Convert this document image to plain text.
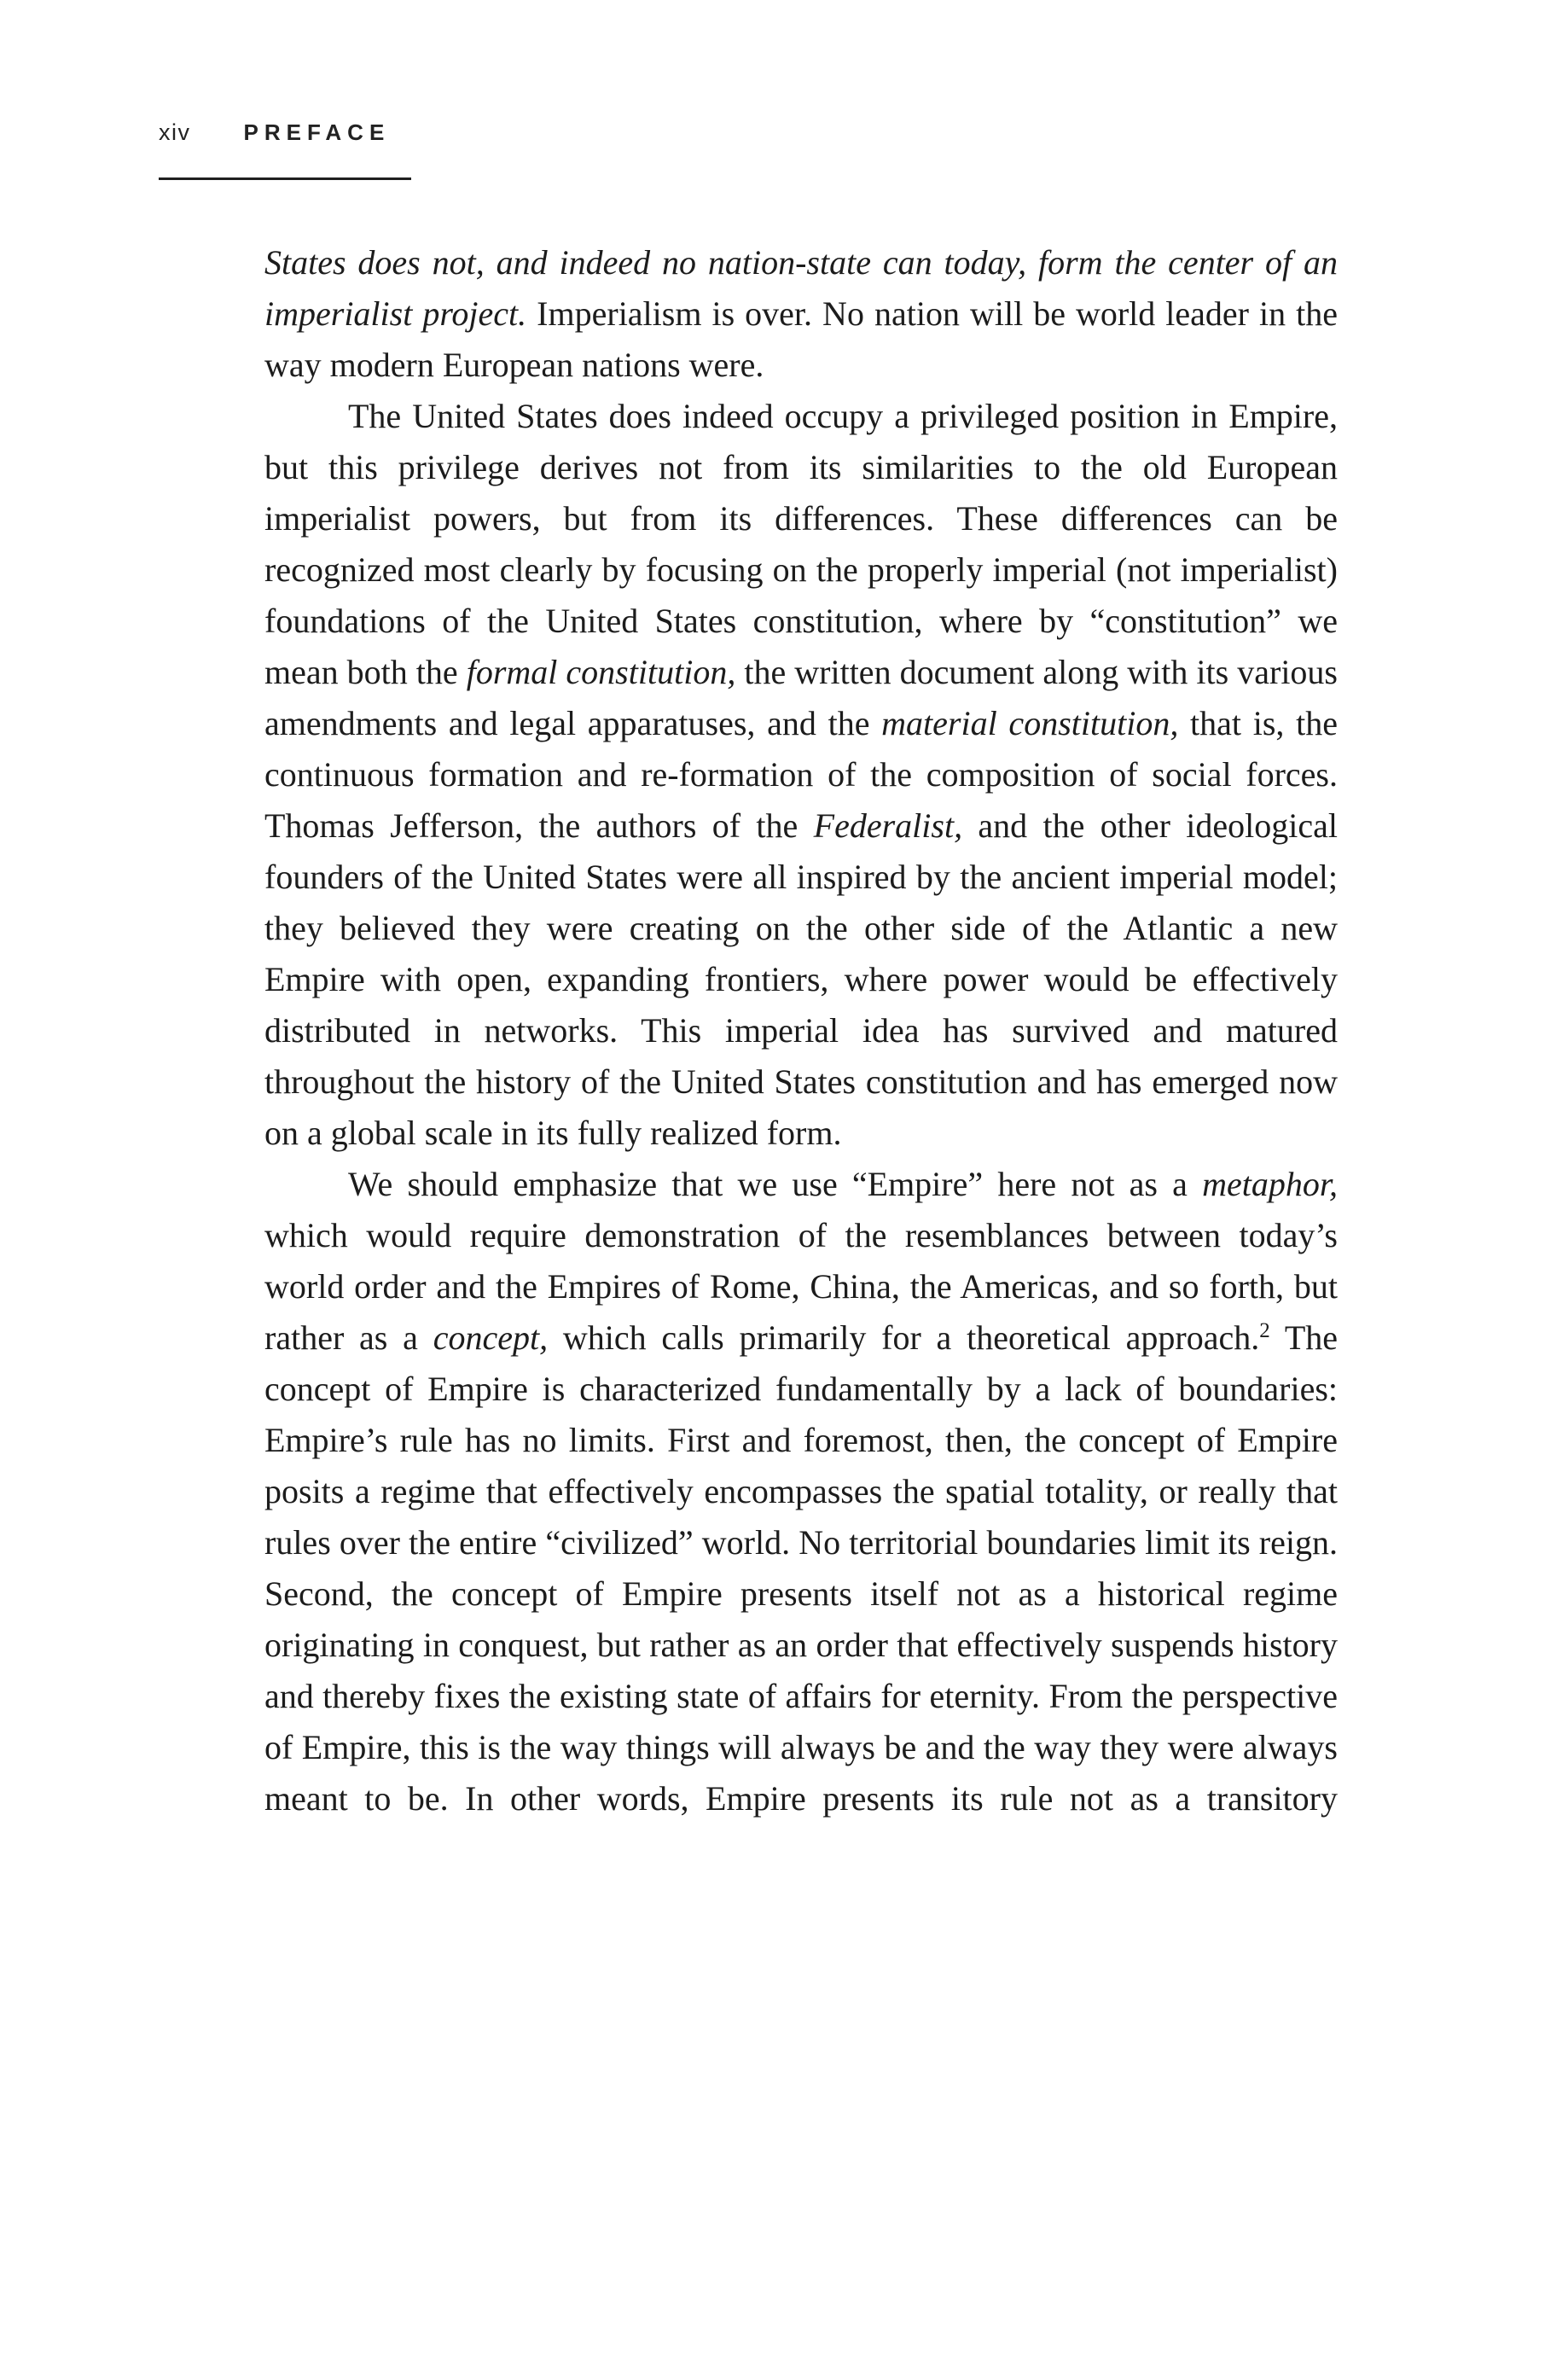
xiv PREFACE

States does not, and indeed no nation-state can today, form the center of an imperialist project. Imperialism is over. No nation will be world leader in the way modern European nations were.

The United States does indeed occupy a privileged position in Empire, but this privilege derives not from its similarities to the old European imperialist powers, but from its differences. These differences can be recognized most clearly by focusing on the properly imperial (not imperialist) foundations of the United States constitution, where by “constitution” we mean both the formal constitution, the written document along with its various amendments and legal apparatuses, and the material constitution, that is, the continuous formation and re-formation of the composition of social forces. Thomas Jefferson, the authors of the Federalist, and the other ideological founders of the United States were all inspired by the ancient imperial model; they believed they were creating on the other side of the Atlantic a new Empire with open, expanding frontiers, where power would be effectively distributed in networks. This imperial idea has survived and matured throughout the history of the United States constitution and has emerged now on a global scale in its fully realized form.

We should emphasize that we use “Empire” here not as a metaphor, which would require demonstration of the resemblances between today’s world order and the Empires of Rome, China, the Americas, and so forth, but rather as a concept, which calls primarily for a theoretical approach.$^2$ The concept of Empire is characterized fundamentally by a lack of boundaries: Empire’s rule has no limits. First and foremost, then, the concept of Empire posits a regime that effectively encompasses the spatial totality, or really that rules over the entire “civilized” world. No territorial boundaries limit its reign. Second, the concept of Empire presents itself not as a historical regime originating in conquest, but rather as an order that effectively suspends history and thereby fixes the existing state of affairs for eternity. From the perspective of Empire, this is the way things will always be and the way they were always meant to be. In other words, Empire presents its rule not as a transitory
